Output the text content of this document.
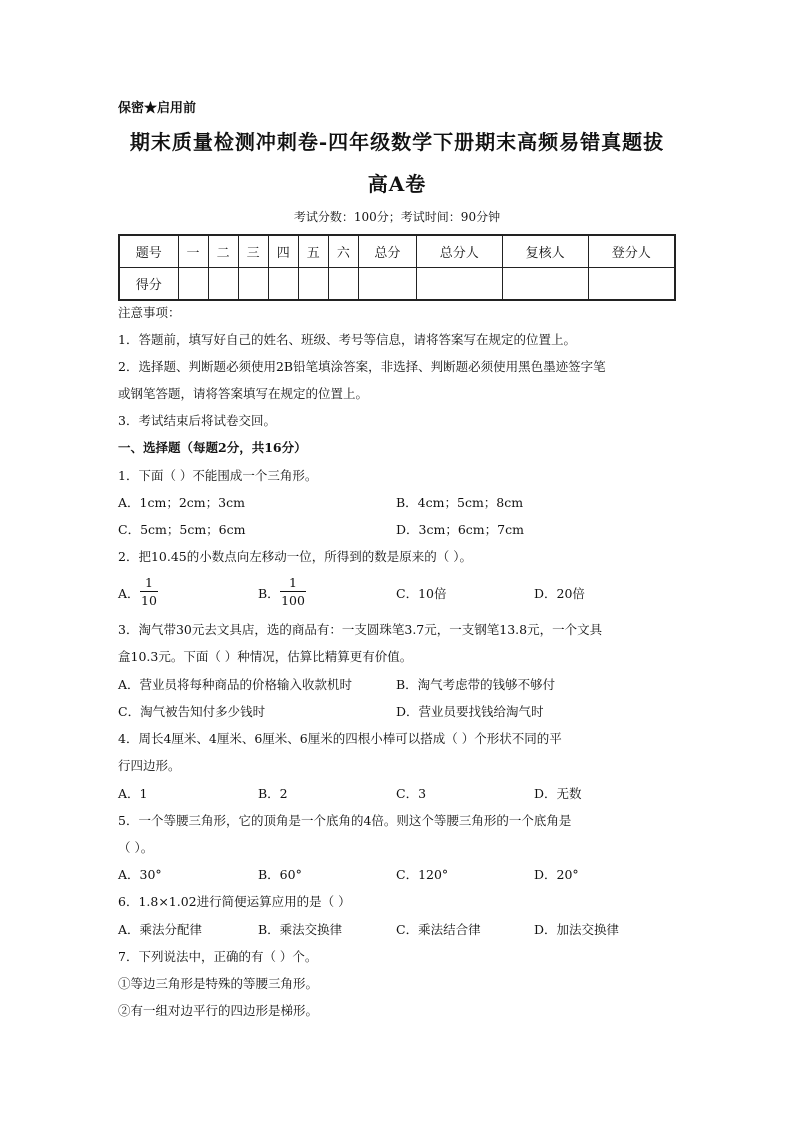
保密★启用前
期末质量检测冲刺卷-四年级数学下册期末高频易错真题拔
高A卷
考试分数：100分；考试时间：90分钟
题号	一	二	三	四	五	六	总分	总分人	复核人	登分人
得分										
注意事项：
1．答题前，填写好自己的姓名、班级、考号等信息，请将答案写在规定的位置上。
2．选择题、判断题必须使用2B铅笔填涂答案，非选择、判断题必须使用黑色墨迹签字笔
或钢笔答题，请将答案填写在规定的位置上。
3．考试结束后将试卷交回。
一、选择题（每题2分，共16分）
1．下面（ ）不能围成一个三角形。
A．1cm；2cm；3cm	B．4cm；5cm；8cm
C．5cm；5cm；6cm	D．3cm；6cm；7cm
2．把10.45的小数点向左移动一位，所得到的数是原来的（ ）。
A．
1
10	B．
1
100	C．10倍	D．20倍
3．淘气带30元去文具店，选的商品有：一支圆珠笔3.7元，一支钢笔13.8元，一个文具
盒10.3元。下面（ ）种情况，估算比精算更有价值。
A．营业员将每种商品的价格输入收款机时	B．淘气考虑带的钱够不够付
C．淘气被告知付多少钱时	D．营业员要找钱给淘气时
4．周长4厘米、4厘米、6厘米、6厘米的四根小棒可以搭成（ ）个形状不同的平
行四边形。
A．1	B．2	C．3	D．无数
5．一个等腰三角形，它的顶角是一个底角的4倍。则这个等腰三角形的一个底角是
（ ）。
A．30°	B．60°	C．120°	D．20°
6．1.8×1.02进行简便运算应用的是（ ）
A．乘法分配律	B．乘法交换律	C．乘法结合律	D．加法交换律
7．下列说法中，正确的有（ ）个。
①等边三角形是特殊的等腰三角形。
②有一组对边平行的四边形是梯形。
